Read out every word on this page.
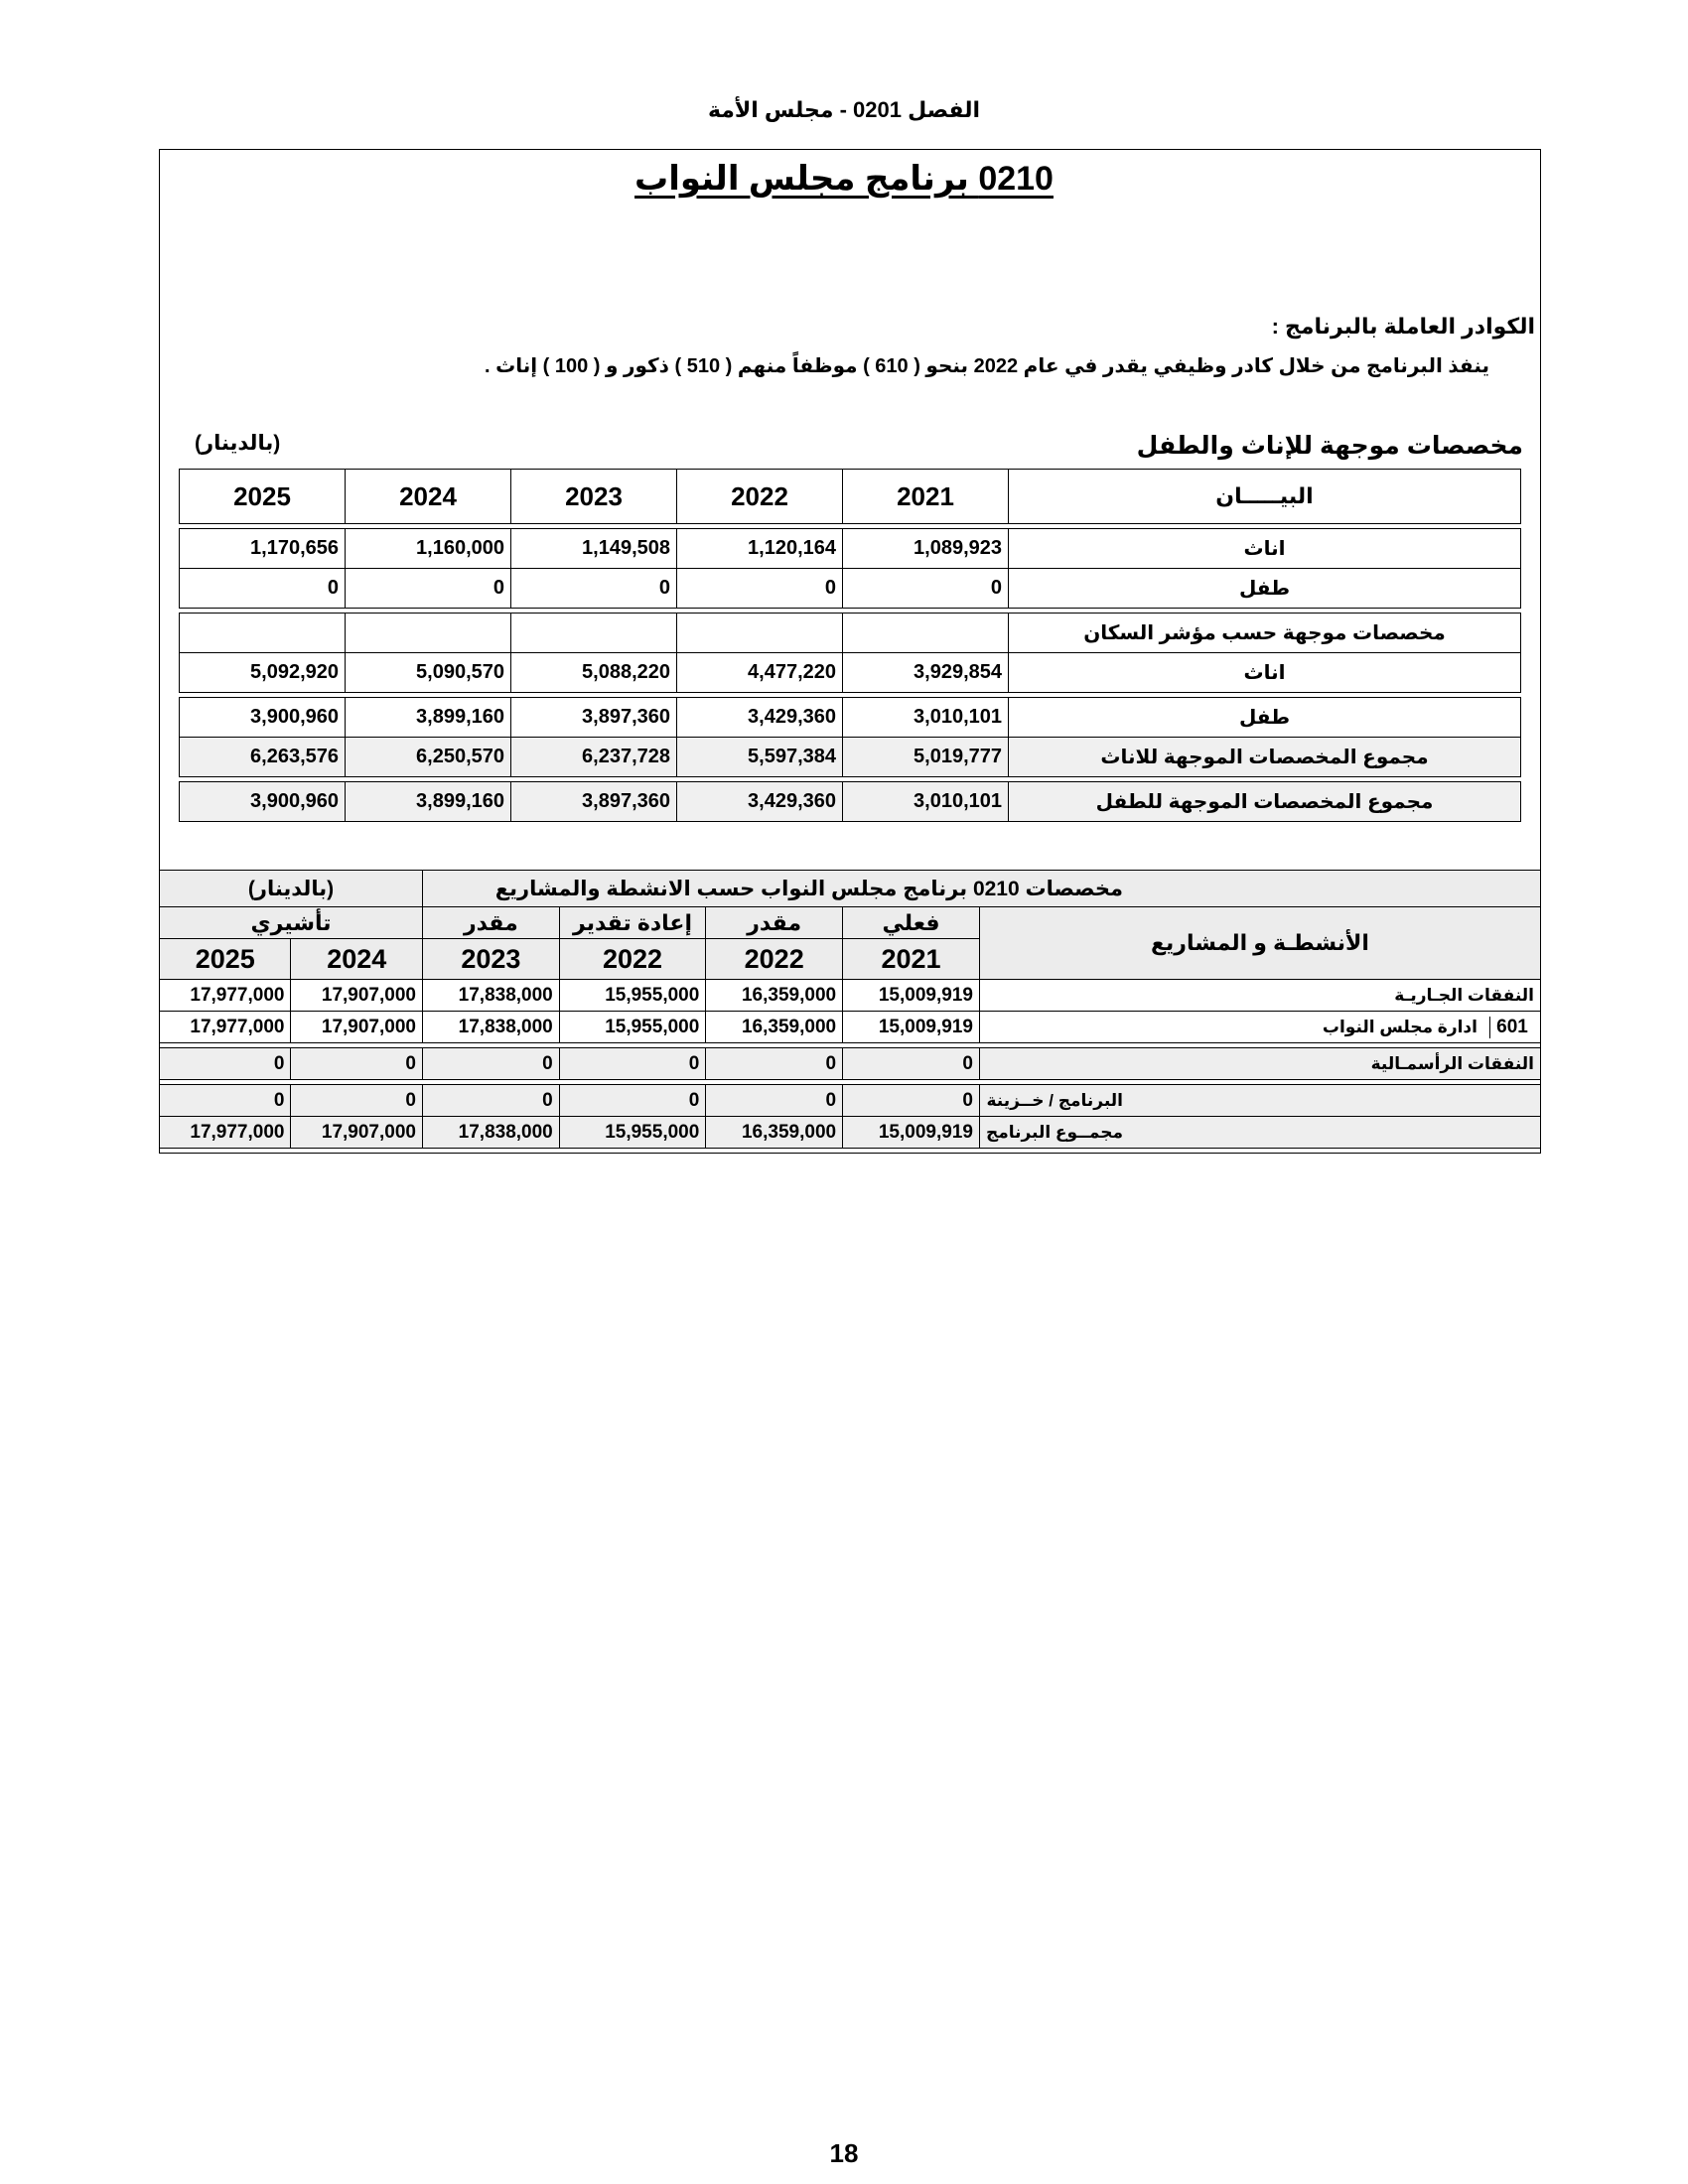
الفصل 0201 - مجلس الأمة
0210 برنامج مجلس النواب
الكوادر العاملة بالبرنامج :
ينفذ البرنامج من خلال كادر وظيفي يقدر في عام 2022 بنحو ( 610 ) موظفاً منهم ( 510 ) ذكور و ( 100 ) إناث .
مخصصات موجهة للإناث والطفل
(بالدينار)
2025	2024	2023	2022	2021	البيـــــان

1,170,656	1,160,000	1,149,508	1,120,164	1,089,923	اناث
0	0	0	0	0	طفل

					مخصصات موجهة حسب مؤشر السكان
5,092,920	5,090,570	5,088,220	4,477,220	3,929,854	اناث

3,900,960	3,899,160	3,897,360	3,429,360	3,010,101	طفل
6,263,576	6,250,570	6,237,728	5,597,384	5,019,777	مجموع المخصصات الموجهة للاناث

3,900,960	3,899,160	3,897,360	3,429,360	3,010,101	مجموع المخصصات الموجهة للطفل
(بالدينار)		مخصصات 0210 برنامج مجلس النواب حسب الانشطة والمشاريع				
تأشيري		مقدر	إعادة تقدير	مقدر	فعلي	الأنشطـة و المشاريع
2025	2024	2023	2022	2022	2021	
17,977,000	17,907,000	17,838,000	15,955,000	16,359,000	15,009,919	النفقات الجـاريـة
17,977,000	17,907,000	17,838,000	15,955,000	16,359,000	15,009,919	601ادارة مجلس النواب

0	0	0	0	0	0	النفقات الرأسمـالية

0	0	0	0	0	0	البرنامج / خــزينة
17,977,000	17,907,000	17,838,000	15,955,000	16,359,000	15,009,919	مجمــوع البرنامج
18
